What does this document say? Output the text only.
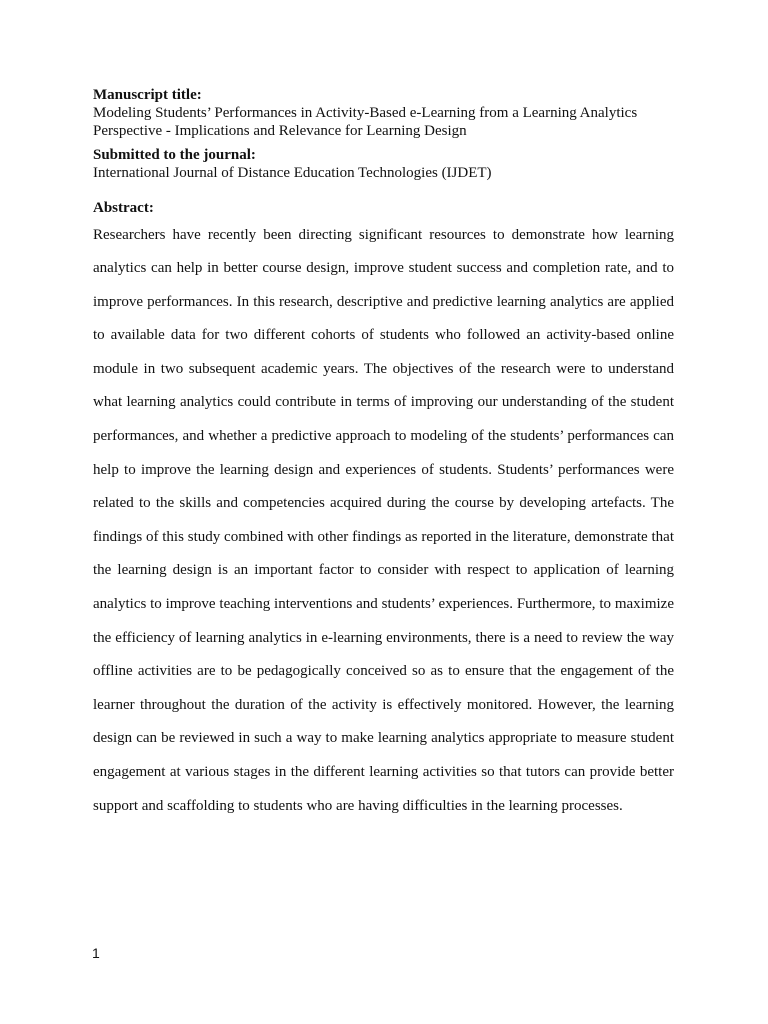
Manuscript title:

Modeling Students’ Performances in Activity-Based e-Learning from a Learning Analytics

Perspective - Implications and Relevance for Learning Design

Submitted to the journal:

International Journal of Distance Education Technologies (IJDET)

Abstract:

Researchers have recently been directing significant resources to demonstrate how learning analytics can help in better course design, improve student success and completion rate, and to improve performances. In this research, descriptive and predictive learning analytics are applied to available data for two different cohorts of students who followed an activity-based online module in two subsequent academic years. The objectives of the research were to understand what learning analytics could contribute in terms of improving our understanding of the student performances, and whether a predictive approach to modeling of the students’ performances can help to improve the learning design and experiences of students. Students’ performances were related to the skills and competencies acquired during the course by developing artefacts. The findings of this study combined with other findings as reported in the literature, demonstrate that the learning design is an important factor to consider with respect to application of learning analytics to improve teaching interventions and students’ experiences. Furthermore, to maximize the efficiency of learning analytics in e-learning environments, there is a need to review the way offline activities are to be pedagogically conceived so as to ensure that the engagement of the learner throughout the duration of the activity is effectively monitored. However, the learning design can be reviewed in such a way to make learning analytics appropriate to measure student engagement at various stages in the different learning activities so that tutors can provide better support and scaffolding to students who are having difficulties in the learning processes.

1
